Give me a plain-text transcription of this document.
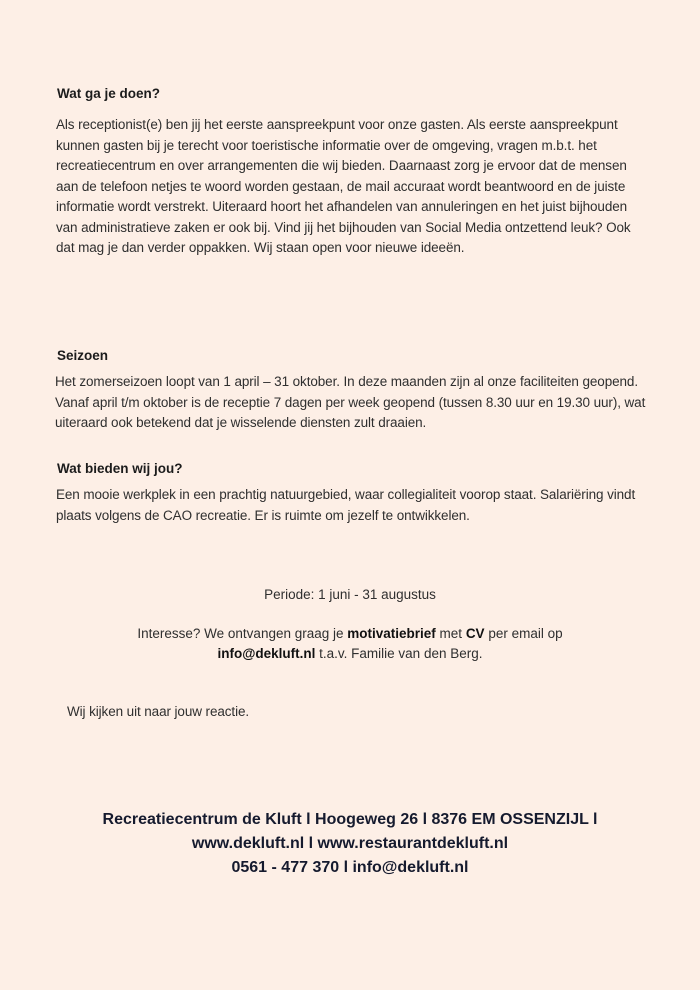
Wat ga je doen?

Als receptionist(e) ben jij het eerste aanspreekpunt voor onze gasten. Als eerste aanspreekpunt kunnen gasten bij je terecht voor toeristische informatie over de omgeving, vragen m.b.t. het recreatiecentrum en over arrangementen die wij bieden. Daarnaast zorg je ervoor dat de mensen aan de telefoon netjes te woord worden gestaan, de mail accuraat wordt beantwoord en de juiste informatie wordt verstrekt. Uiteraard hoort het afhandelen van annuleringen en het juist bijhouden van administratieve zaken er ook bij. Vind jij het bijhouden van Social Media ontzettend leuk? Ook dat mag je dan verder oppakken. Wij staan open voor nieuwe ideeën.

Seizoen

Het zomerseizoen loopt van 1 april – 31 oktober. In deze maanden zijn al onze faciliteiten geopend. Vanaf april t/m oktober is de receptie 7 dagen per week geopend (tussen 8.30 uur en 19.30 uur), wat uiteraard ook betekend dat je wisselende diensten zult draaien.

Wat bieden wij jou?

Een mooie werkplek in een prachtig natuurgebied, waar collegialiteit voorop staat. Salariëring vindt plaats volgens de CAO recreatie. Er is ruimte om jezelf te ontwikkelen.

Periode: 1 juni - 31 augustus
Interesse? We ontvangen graag je motivatiebrief met CV per email op
info@dekluft.nl t.a.v. Familie van den Berg.
Wij kijken uit naar jouw reactie.
Recreatiecentrum de Kluft l Hoogeweg 26 l 8376 EM OSSENZIJL l
www.dekluft.nl l www.restaurantdekluft.nl
0561 - 477 370 l info@dekluft.nl
